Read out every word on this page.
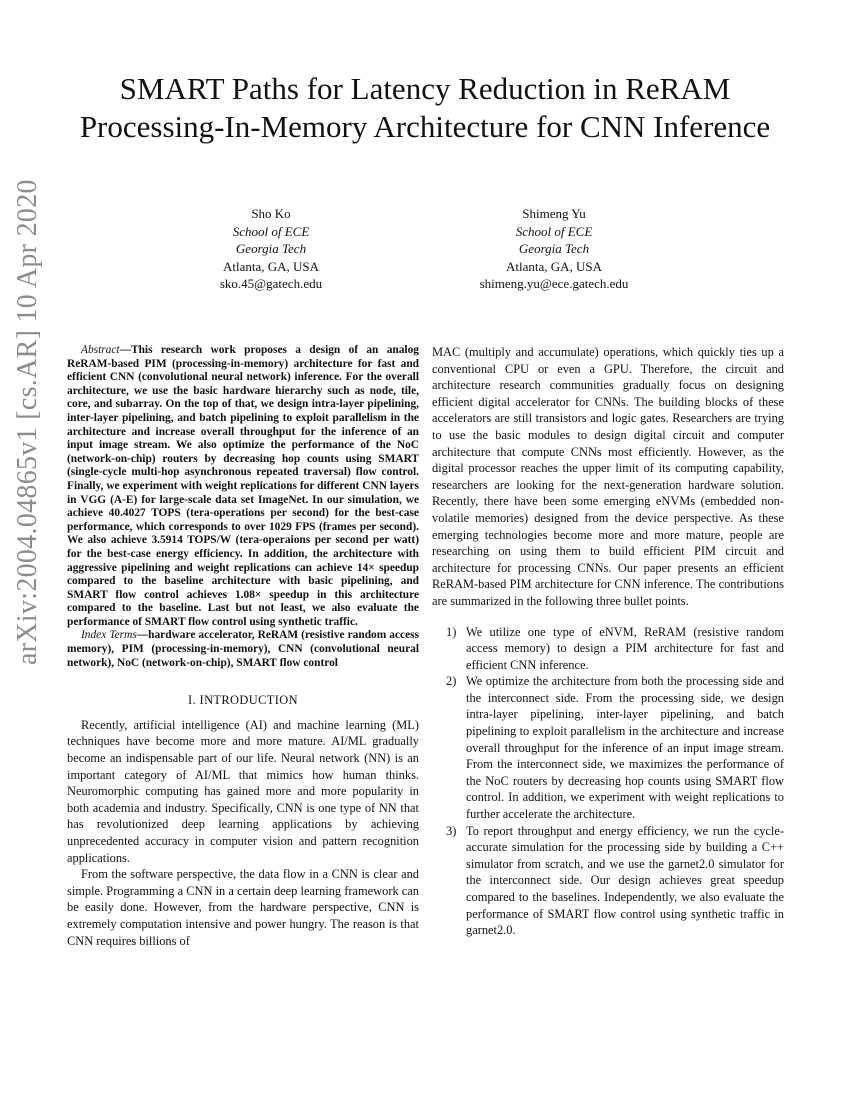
arXiv:2004.04865v1 [cs.AR] 10 Apr 2020
SMART Paths for Latency Reduction in ReRAM Processing-In-Memory Architecture for CNN Inference
Sho Ko
School of ECE
Georgia Tech
Atlanta, GA, USA
sko.45@gatech.edu
Shimeng Yu
School of ECE
Georgia Tech
Atlanta, GA, USA
shimeng.yu@ece.gatech.edu

Abstract—This research work proposes a design of an analog ReRAM-based PIM (processing-in-memory) architecture for fast and efficient CNN (convolutional neural network) inference. For the overall architecture, we use the basic hardware hierarchy such as node, tile, core, and subarray. On the top of that, we design intra-layer pipelining, inter-layer pipelining, and batch pipelining to exploit parallelism in the architecture and increase overall throughput for the inference of an input image stream. We also optimize the performance of the NoC (network-on-chip) routers by decreasing hop counts using SMART (single-cycle multi-hop asynchronous repeated traversal) flow control. Finally, we experiment with weight replications for different CNN layers in VGG (A-E) for large-scale data set ImageNet. In our simulation, we achieve 40.4027 TOPS (tera-operations per second) for the best-case performance, which corresponds to over 1029 FPS (frames per second). We also achieve 3.5914 TOPS/W (tera-operaions per second per watt) for the best-case energy efficiency. In addition, the architecture with aggressive pipelining and weight replications can achieve 14× speedup compared to the baseline architecture with basic pipelining, and SMART flow control achieves 1.08× speedup in this architecture compared to the baseline. Last but not least, we also evaluate the performance of SMART flow control using synthetic traffic.

Index Terms—hardware accelerator, ReRAM (resistive random access memory), PIM (processing-in-memory), CNN (convolutional neural network), NoC (network-on-chip), SMART flow control

I. INTRODUCTION

Recently, artificial intelligence (AI) and machine learning (ML) techniques have become more and more mature. AI/ML gradually become an indispensable part of our life. Neural network (NN) is an important category of AI/ML that mimics how human thinks. Neuromorphic computing has gained more and more popularity in both academia and industry. Specifically, CNN is one type of NN that has revolutionized deep learning applications by achieving unprecedented accuracy in computer vision and pattern recognition applications.

From the software perspective, the data flow in a CNN is clear and simple. Programming a CNN in a certain deep learning framework can be easily done. However, from the hardware perspective, CNN is extremely computation intensive and power hungry. The reason is that CNN requires billions of

MAC (multiply and accumulate) operations, which quickly ties up a conventional CPU or even a GPU. Therefore, the circuit and architecture research communities gradually focus on designing efficient digital accelerator for CNNs. The building blocks of these accelerators are still transistors and logic gates. Researchers are trying to use the basic modules to design digital circuit and computer architecture that compute CNNs most efficiently. However, as the digital processor reaches the upper limit of its computing capability, researchers are looking for the next-generation hardware solution. Recently, there have been some emerging eNVMs (embedded non-volatile memories) designed from the device perspective. As these emerging technologies become more and more mature, people are researching on using them to build efficient PIM circuit and architecture for processing CNNs. Our paper presents an efficient ReRAM-based PIM architecture for CNN inference. The contributions are summarized in the following three bullet points.

1) We utilize one type of eNVM, ReRAM (resistive random access memory) to design a PIM architecture for fast and efficient CNN inference.
2) We optimize the architecture from both the processing side and the interconnect side. From the processing side, we design intra-layer pipelining, inter-layer pipelining, and batch pipelining to exploit parallelism in the architecture and increase overall throughput for the inference of an input image stream. From the interconnect side, we maximizes the performance of the NoC routers by decreasing hop counts using SMART flow control. In addition, we experiment with weight replications to further accelerate the architecture.
3) To report throughput and energy efficiency, we run the cycle-accurate simulation for the processing side by building a C++ simulator from scratch, and we use the garnet2.0 simulator for the interconnect side. Our design achieves great speedup compared to the baselines. Independently, we also evaluate the performance of SMART flow control using synthetic traffic in garnet2.0.
